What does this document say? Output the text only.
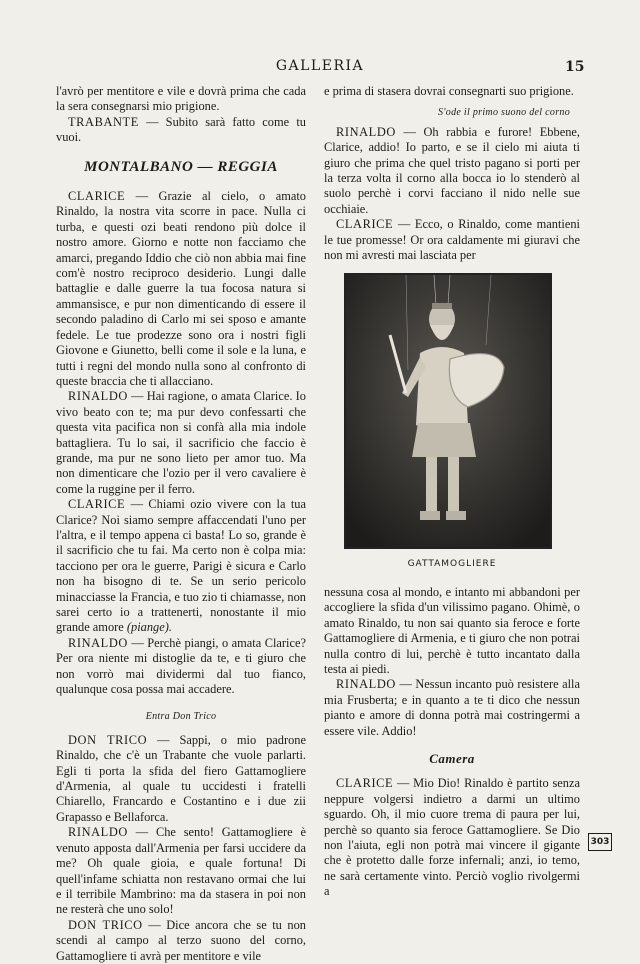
GALLERIA	15

l'avrò per mentitore e vile e dovrà prima che cada la sera consegnarsi mio prigione.

TRABANTE — Subito sarà fatto come tu vuoi.

MONTALBANO — REGGIA

CLARICE — Grazie al cielo, o amato Rinaldo, la nostra vita scorre in pace. Nulla ci turba, e questi ozi beati rendono più dolce il nostro amore. Giorno e notte non facciamo che amarci, pregando Iddio che ciò non abbia mai fine com'è nostro reciproco desiderio. Lungi dalle battaglie e dalle guerre la tua focosa natura si ammansisce, e pur non dimenticando di essere il secondo paladino di Carlo mi sei sposo e amante fedele. Le tue prodezze sono ora i nostri figli Giovone e Giunetto, belli come il sole e la luna, e tutti i regni del mondo nulla sono al confronto di queste braccia che ti allacciano.

RINALDO — Hai ragione, o amata Clarice. Io vivo beato con te; ma pur devo confessarti che questa vita pacifica non si confà alla mia indole battagliera. Tu lo sai, il sacrificio che faccio è grande, ma pur ne sono lieto per amor tuo. Ma non dimenticare che l'ozio per il vero cavaliere è come la ruggine per il ferro.

CLARICE — Chiami ozio vivere con la tua Clarice? Noi siamo sempre affaccendati l'uno per l'altra, e il tempo appena ci basta! Lo so, grande è il sacrificio che tu fai. Ma certo non è colpa mia: tacciono per ora le guerre, Parigi è sicura e Carlo non ha bisogno di te. Se un serio pericolo minacciasse la Francia, e tuo zio ti chiamasse, non sarei certo io a trattenerti, nonostante il mio grande amore (piange).

RINALDO — Perchè piangi, o amata Clarice? Per ora niente mi distoglie da te, e ti giuro che non vorrò mai dividermi dal tuo fianco, qualunque cosa possa mai accadere.

Entra Don Trico

DON TRICO — Sappi, o mio padrone Rinaldo, che c'è un Trabante che vuole parlarti. Egli ti porta la sfida del fiero Gattamogliere d'Armenia, al quale tu uccidesti i fratelli Chiarello, Francardo e Costantino e i due zii Grapasso e Bellaforca.

RINALDO — Che sento! Gattamogliere è venuto apposta dall'Armenia per farsi uccidere da me? Oh quale gioia, e quale fortuna! Di quell'infame schiatta non restavano ormai che lui e il terribile Mambrino: ma da stasera in poi non ne resterà che uno solo!

DON TRICO — Dice ancora che se tu non scendi al campo al terzo suono del corno, Gattamogliere ti avrà per mentitore e vile

e prima di stasera dovrai consegnarti suo prigione.

S'ode il primo suono del corno

RINALDO — Oh rabbia e furore! Ebbene, Clarice, addio! Io parto, e se il cielo mi aiuta ti giuro che prima che quel tristo pagano si porti per la terza volta il corno alla bocca io lo stenderò al suolo perchè i corvi facciano il nido nelle sue occhiaie.

CLARICE — Ecco, o Rinaldo, come mantieni le tue promesse! Or ora caldamente mi giuravi che non mi avresti mai lasciata per

GATTAMOGLIERE

nessuna cosa al mondo, e intanto mi abbandoni per accogliere la sfida d'un vilissimo pagano. Ohimè, o amato Rinaldo, tu non sai quanto sia feroce e forte Gattamogliere di Armenia, e ti giuro che non potrai nulla contro di lui, perchè è tutto incantato dalla testa ai piedi.

RINALDO — Nessun incanto può resistere alla mia Frusberta; e in quanto a te ti dico che nessun pianto e amore di donna potrà mai costringermi a essere vile. Addio!

Camera

CLARICE — Mio Dio! Rinaldo è partito senza neppure volgersi indietro a darmi un ultimo sguardo. Oh, il mio cuore trema di paura per lui, perchè so quanto sia feroce Gattamogliere. Se Dio non l'aiuta, egli non potrà mai vincere il gigante che è protetto dalle forze infernali; anzi, io temo, ne sarà certamente vinto. Perciò voglio rivolgermi a

303
